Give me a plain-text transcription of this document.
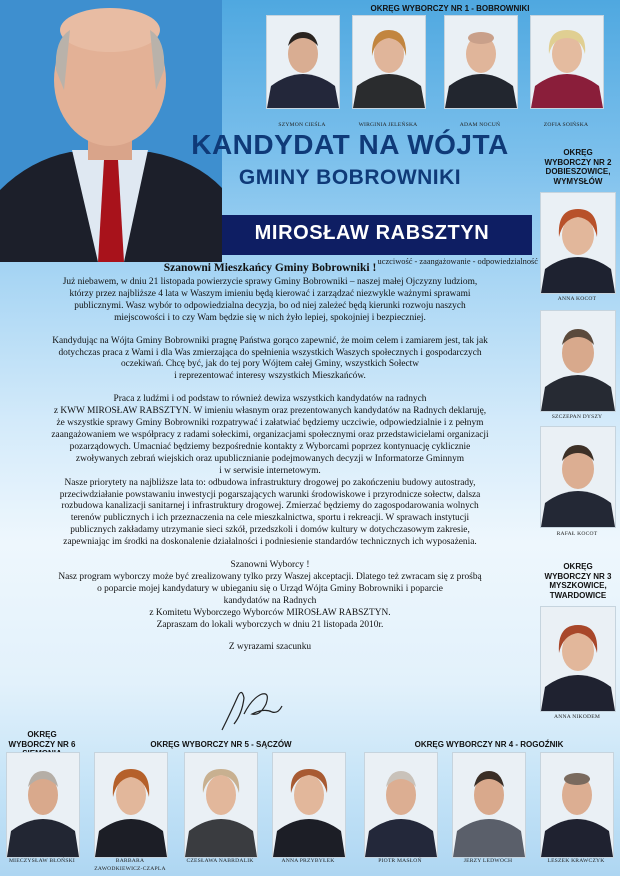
OKRĘG WYBORCZY NR 1 - BOBROWNIKI
SZYMON CIEŚLA	WIRGINIA JELEŃSKA	ADAM NOCUŃ	ZOFIA SOIŃSKA
KANDYDAT NA WÓJTA
GMINY BOBROWNIKI
MIROSŁAW RABSZTYN
uczciwość - zaangażowanie - odpowiedzialność
OKRĘG
WYBORCZY NR 2
DOBIESZOWICE,
WYMYSŁÓW
ANNA KOCOT
SZCZEPAN DYSZY
RAFAŁ KOCOT
OKRĘG
WYBORCZY NR 3
MYSZKOWICE,
TWARDOWICE
ANNA NIKODEM
Szanowni Mieszkańcy Gminy Bobrowniki !

Już niebawem, w dniu 21 listopada powierzycie sprawy Gminy Bobrowniki – naszej małej Ojczyzny ludziom,

którzy przez najbliższe 4 lata w Waszym imieniu będą kierować i zarządzać niezwykle ważnymi sprawami

publicznymi. Wasz wybór to odpowiedzialna decyzja, bo od niej zależeć będą kierunki rozwoju naszych

miejscowości i to czy Wam będzie się w nich żyło lepiej, spokojniej i bezpieczniej.

Kandydując na Wójta Gminy Bobrowniki pragnę Państwa gorąco zapewnić, że moim celem i zamiarem jest, tak jak

dotychczas praca z Wami i dla Was zmierzająca do spełnienia wszystkich Waszych społecznych i gospodarczych

oczekiwań. Chcę być, jak do tej pory Wójtem całej Gminy, wszystkich Sołectw

i reprezentować interesy wszystkich Mieszkańców.

Praca z ludźmi i od podstaw to również dewiza wszystkich kandydatów na radnych

z KWW MIROSŁAW RABSZTYN. W imieniu własnym oraz prezentowanych kandydatów na Radnych deklaruję,

że wszystkie sprawy Gminy Bobrowniki rozpatrywać i załatwiać będziemy uczciwie, odpowiedzialnie i z pełnym

zaangażowaniem we współpracy z radami sołeckimi, organizacjami społecznymi oraz przedstawicielami organizacji

pozarządowych. Umacniać będziemy bezpośrednie kontakty z Wyborcami poprzez kontynuację cyklicznie

zwoływanych zebrań wiejskich oraz upublicznianie podejmowanych decyzji w Informatorze Gminnym

i w serwisie internetowym.

Nasze priorytety na najbliższe lata to: odbudowa infrastruktury drogowej po zakończeniu budowy autostrady,

przeciwdziałanie powstawaniu inwestycji pogarszających warunki środowiskowe i przyrodnicze sołectw, dalsza

rozbudowa kanalizacji sanitarnej i infrastruktury drogowej. Zmierzać będziemy do zagospodarowania wolnych

terenów publicznych i ich przeznaczenia na cele mieszkalnictwa, sportu i rekreacji. W sprawach instytucji

publicznych zakładamy utrzymanie sieci szkół, przedszkoli i domów kultury w dotychczasowym zakresie,

zapewniając im środki na doskonalenie działalności i podniesienie standardów technicznych ich wyposażenia.

Szanowni Wyborcy !

Nasz program wyborczy może być zrealizowany tylko przy Waszej akceptacji. Dlatego też zwracam się z prośbą

o poparcie mojej kandydatury w ubieganiu się o Urząd Wójta Gminy Bobrowniki i poparcie

kandydatów na Radnych

z Komitetu Wyborczego Wyborców MIROSŁAW RABSZTYN.

Zapraszam do lokali wyborczych w dniu 21 listopada 2010r.

Z wyrazami szacunku

OKRĘG
WYBORCZY NR 6	OKRĘG WYBORCZY NR 5 - SĄCZÓW	OKRĘG WYBORCZY NR 4 - ROGOŹNIK
MIECZYSŁAW BŁOŃSKI	BARBARA
ZAWODKIEWICZ-CZAPLA
CZESŁAWA NABRDALIK	ANNA PRZYBYŁEK	PIOTR MASŁOŃ	JERZY LEDWOCH	LESZEK KRAWCZYK
